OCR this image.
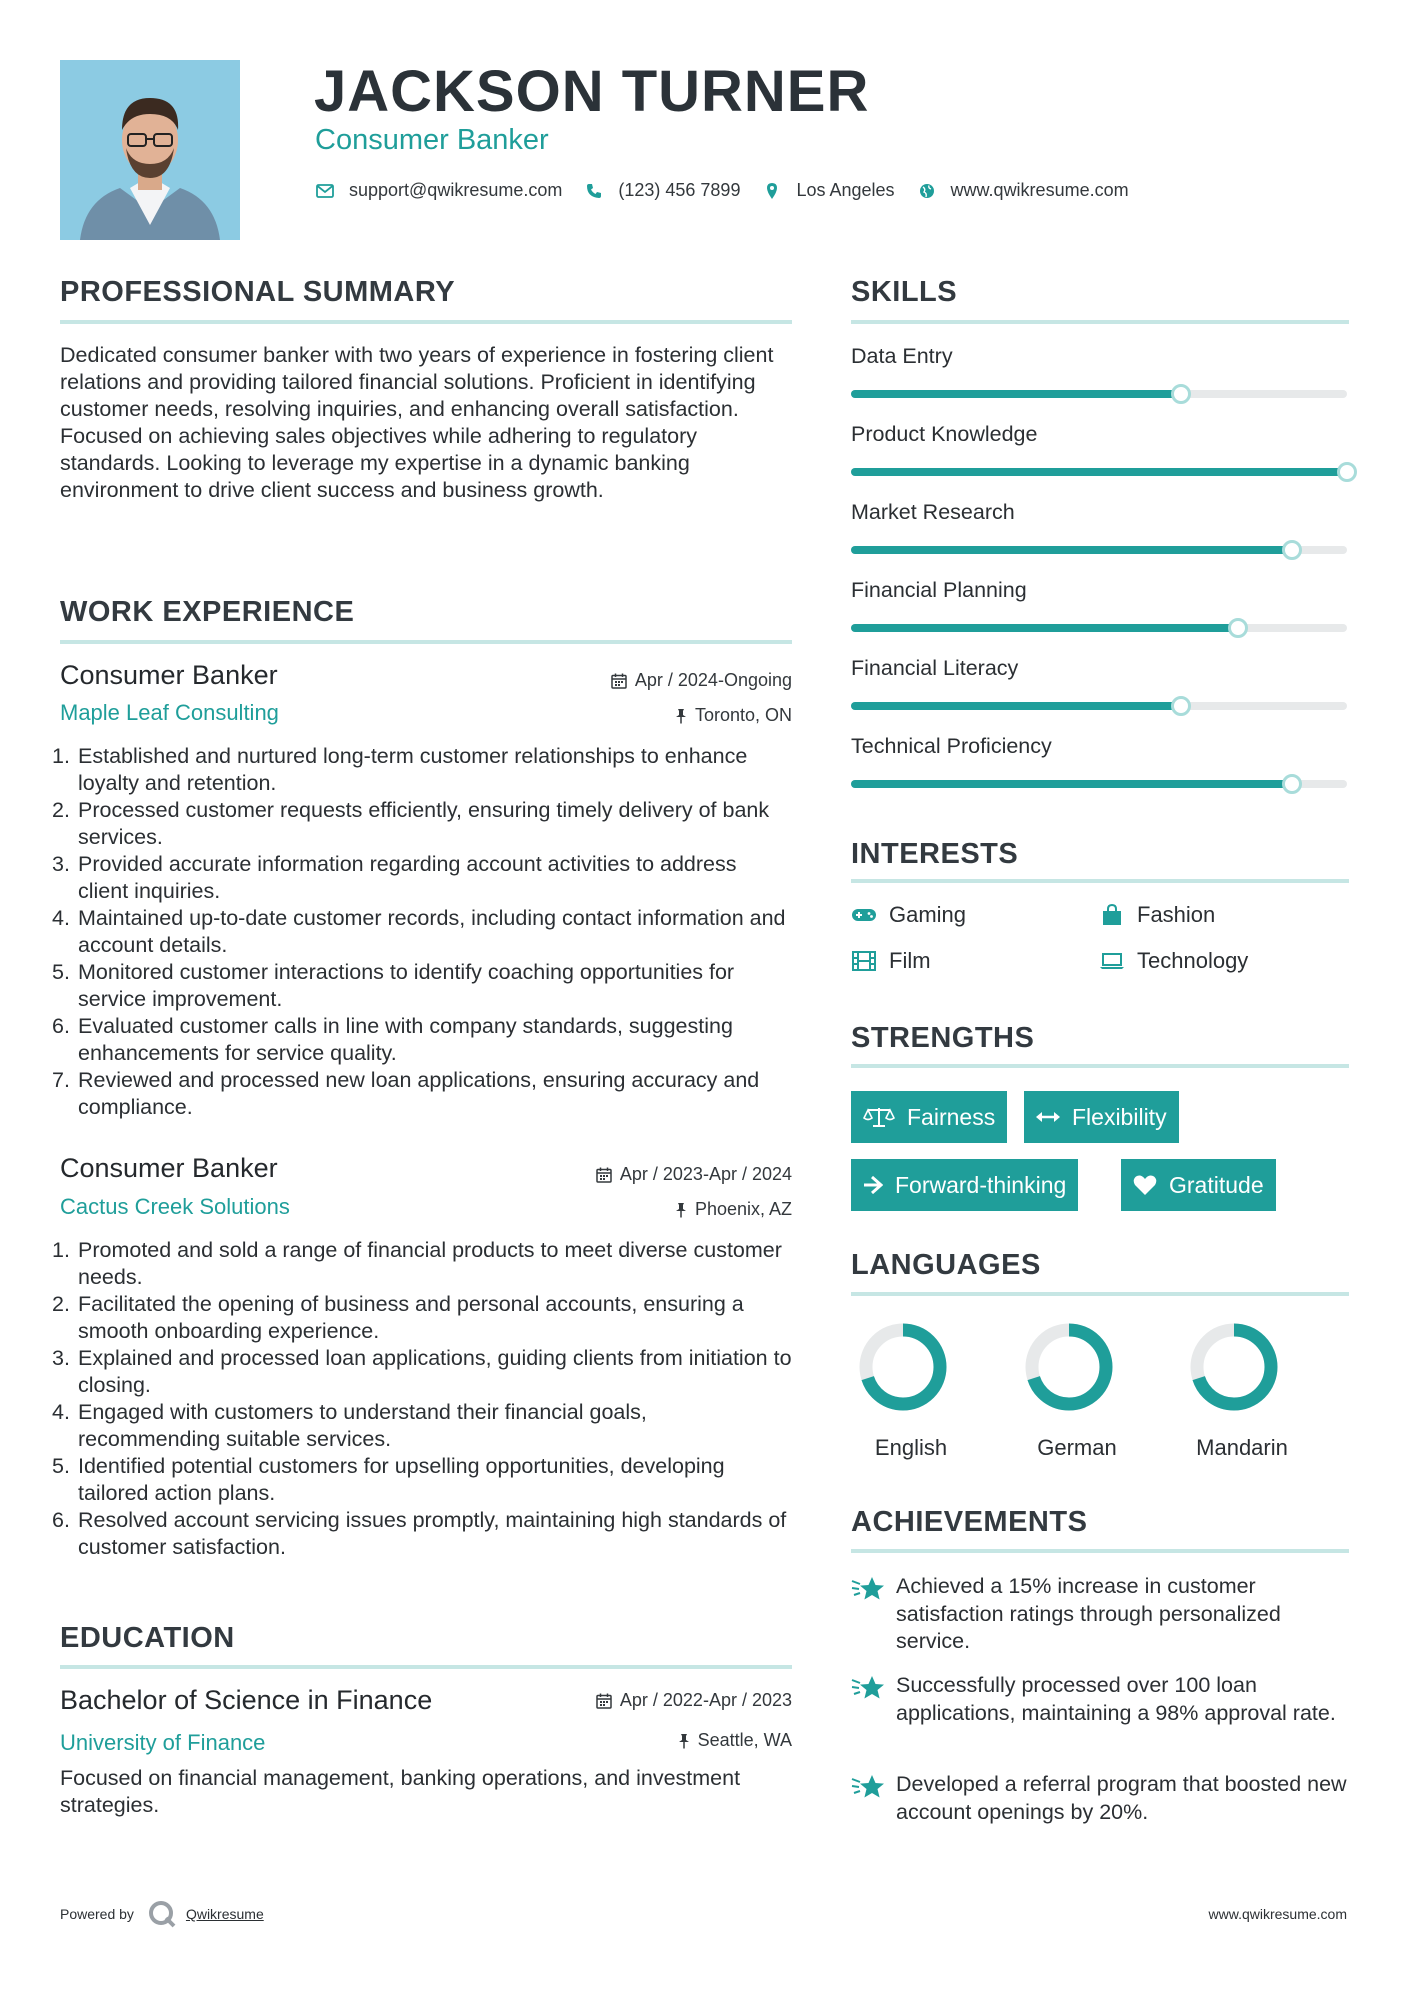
JACKSON TURNER
Consumer Banker
support@qwikresume.com	(123) 456 7899	Los Angeles	www.qwikresume.com
PROFESSIONAL SUMMARY
Dedicated consumer banker with two years of experience in fostering client relations and providing tailored financial solutions. Proficient in identifying customer needs, resolving inquiries, and enhancing overall satisfaction. Focused on achieving sales objectives while adhering to regulatory standards. Looking to leverage my expertise in a dynamic banking environment to drive client success and business growth.
WORK EXPERIENCE
Consumer Banker	Apr / 2024-Ongoing
Maple Leaf Consulting	Toronto, ON
1. Established and nurtured long-term customer relationships to enhance loyalty and retention.
2. Processed customer requests efficiently, ensuring timely delivery of bank services.
3. Provided accurate information regarding account activities to address client inquiries.
4. Maintained up-to-date customer records, including contact information and account details.
5. Monitored customer interactions to identify coaching opportunities for service improvement.
6. Evaluated customer calls in line with company standards, suggesting enhancements for service quality.
7. Reviewed and processed new loan applications, ensuring accuracy and compliance.
Consumer Banker	Apr / 2023-Apr / 2024
Cactus Creek Solutions	Phoenix, AZ
1. Promoted and sold a range of financial products to meet diverse customer needs.
2. Facilitated the opening of business and personal accounts, ensuring a smooth onboarding experience.
3. Explained and processed loan applications, guiding clients from initiation to closing.
4. Engaged with customers to understand their financial goals, recommending suitable services.
5. Identified potential customers for upselling opportunities, developing tailored action plans.
6. Resolved account servicing issues promptly, maintaining high standards of customer satisfaction.
EDUCATION
Bachelor of Science in Finance	Apr / 2022-Apr / 2023
University of Finance	Seattle, WA
Focused on financial management, banking operations, and investment strategies.
SKILLS
Data Entry
Product Knowledge
Market Research
Financial Planning
Financial Literacy
Technical Proficiency
INTERESTS
Gaming	Fashion
Film	Technology
STRENGTHS
Fairness	Flexibility
Forward-thinking	Gratitude
LANGUAGES
English	German	Mandarin
ACHIEVEMENTS
Achieved a 15% increase in customer satisfaction ratings through personalized service.
Successfully processed over 100 loan applications, maintaining a 98% approval rate.
Developed a referral program that boosted new account openings by 20%.
Powered by	Qwikresume	www.qwikresume.com
